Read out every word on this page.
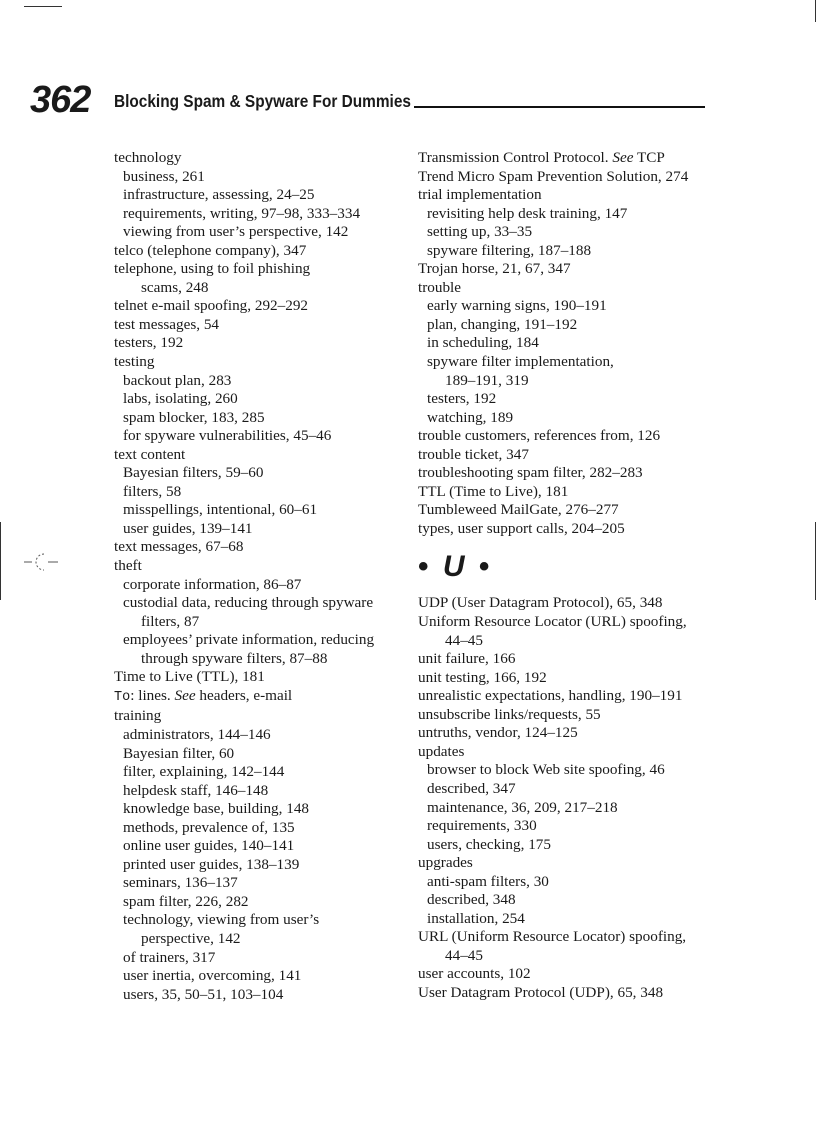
362	Blocking Spam & Spyware For Dummies
technology
business, 261
infrastructure, assessing, 24–25
requirements, writing, 97–98, 333–334
viewing from user’s perspective, 142
telco (telephone company), 347
telephone, using to foil phishing
scams, 248
telnet e-mail spoofing, 292–292
test messages, 54
testers, 192
testing
backout plan, 283
labs, isolating, 260
spam blocker, 183, 285
for spyware vulnerabilities, 45–46
text content
Bayesian filters, 59–60
filters, 58
misspellings, intentional, 60–61
user guides, 139–141
text messages, 67–68
theft
corporate information, 86–87
custodial data, reducing through spyware
filters, 87
employees’ private information, reducing
through spyware filters, 87–88
Time to Live (TTL), 181
To: lines. See headers, e-mail
training
administrators, 144–146
Bayesian filter, 60
filter, explaining, 142–144
helpdesk staff, 146–148
knowledge base, building, 148
methods, prevalence of, 135
online user guides, 140–141
printed user guides, 138–139
seminars, 136–137
spam filter, 226, 282
technology, viewing from user’s
perspective, 142
of trainers, 317
user inertia, overcoming, 141
users, 35, 50–51, 103–104
Transmission Control Protocol. See TCP
Trend Micro Spam Prevention Solution, 274
trial implementation
revisiting help desk training, 147
setting up, 33–35
spyware filtering, 187–188
Trojan horse, 21, 67, 347
trouble
early warning signs, 190–191
plan, changing, 191–192
in scheduling, 184
spyware filter implementation,
189–191, 319
testers, 192
watching, 189
trouble customers, references from, 126
trouble ticket, 347
troubleshooting spam filter, 282–283
TTL (Time to Live), 181
Tumbleweed MailGate, 276–277
types, user support calls, 204–205
• U •
UDP (User Datagram Protocol), 65, 348
Uniform Resource Locator (URL) spoofing,
44–45
unit failure, 166
unit testing, 166, 192
unrealistic expectations, handling, 190–191
unsubscribe links/requests, 55
untruths, vendor, 124–125
updates
browser to block Web site spoofing, 46
described, 347
maintenance, 36, 209, 217–218
requirements, 330
users, checking, 175
upgrades
anti-spam filters, 30
described, 348
installation, 254
URL (Uniform Resource Locator) spoofing,
44–45
user accounts, 102
User Datagram Protocol (UDP), 65, 348
